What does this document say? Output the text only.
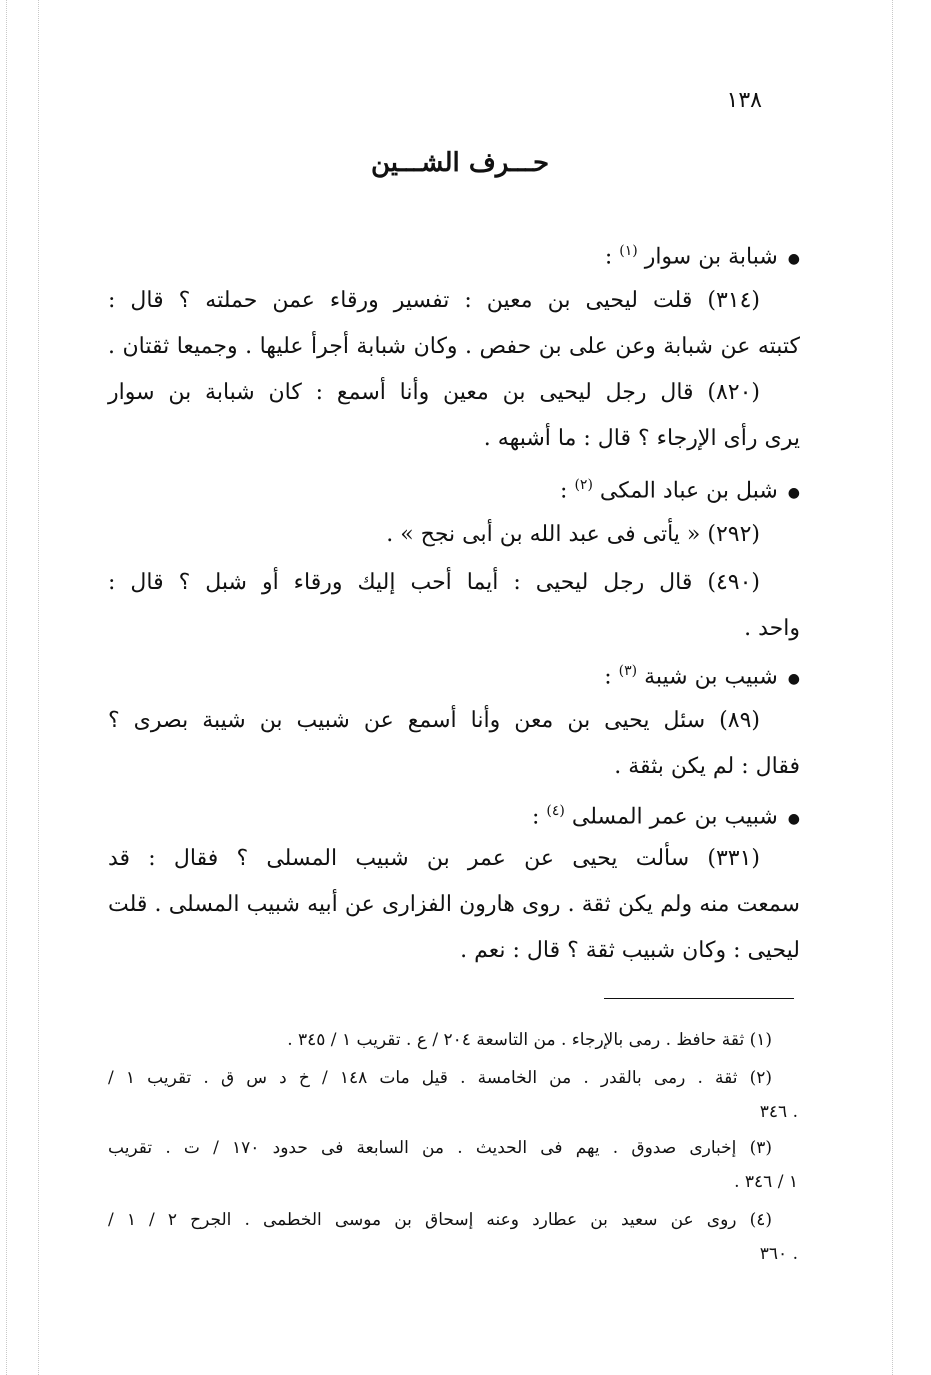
١٣٨
حـــرف الشـــين
●شبابة بن سوار $^{(١)}$ :
(٣١٤) قلت ليحيى بن معين : تفسير ورقاء عمن حملته ؟ قال :
كتبته عن شبابة وعن على بن حفص . وكان شبابة أجرأ عليها . وجميعا ثقتان .
(٨٢٠) قال رجل ليحيى بن معين وأنا أسمع : كان شبابة بن سوار
يرى رأى الإرجاء ؟ قال : ما أشبهه .
●شبل بن عباد المكى $^{(٢)}$ :
(٢٩٢) « يأتى فى عبد الله بن أبى نجح » .
(٤٩٠) قال رجل ليحيى : أيما أحب إليك ورقاء أو شبل ؟ قال :
واحد .
●شبيب بن شيبة $^{(٣)}$ :
(٨٩) سئل يحيى بن معن وأنا أسمع عن شبيب بن شيبة بصرى ؟
فقال : لم يكن بثقة .
●شبيب بن عمر المسلى $^{(٤)}$ :
(٣٣١) سألت يحيى عن عمر بن شبيب المسلى ؟ فقال : قد
سمعت منه ولم يكن ثقة . روى هارون الفزارى عن أبيه شبيب المسلى . قلت
ليحيى : وكان شبيب ثقة ؟ قال : نعم .
(١) ثقة حافظ . رمى بالإرجاء . من التاسعة ٢٠٤ / ع . تقريب ١ / ٣٤٥ .
(٢) ثقة . رمى بالقدر . من الخامسة . قيل مات ١٤٨ / خ د س ق . تقريب ١ /
. ٣٤٦
(٣) إخبارى صدوق . يهم فى الحديث . من السابعة فى حدود ١٧٠ / ت . تقريب
١ / ٣٤٦ .
(٤) روى عن سعيد بن عطارد وعنه إسحاق بن موسى الخطمى . الجرح ٢ / ١ /
. ٣٦٠
